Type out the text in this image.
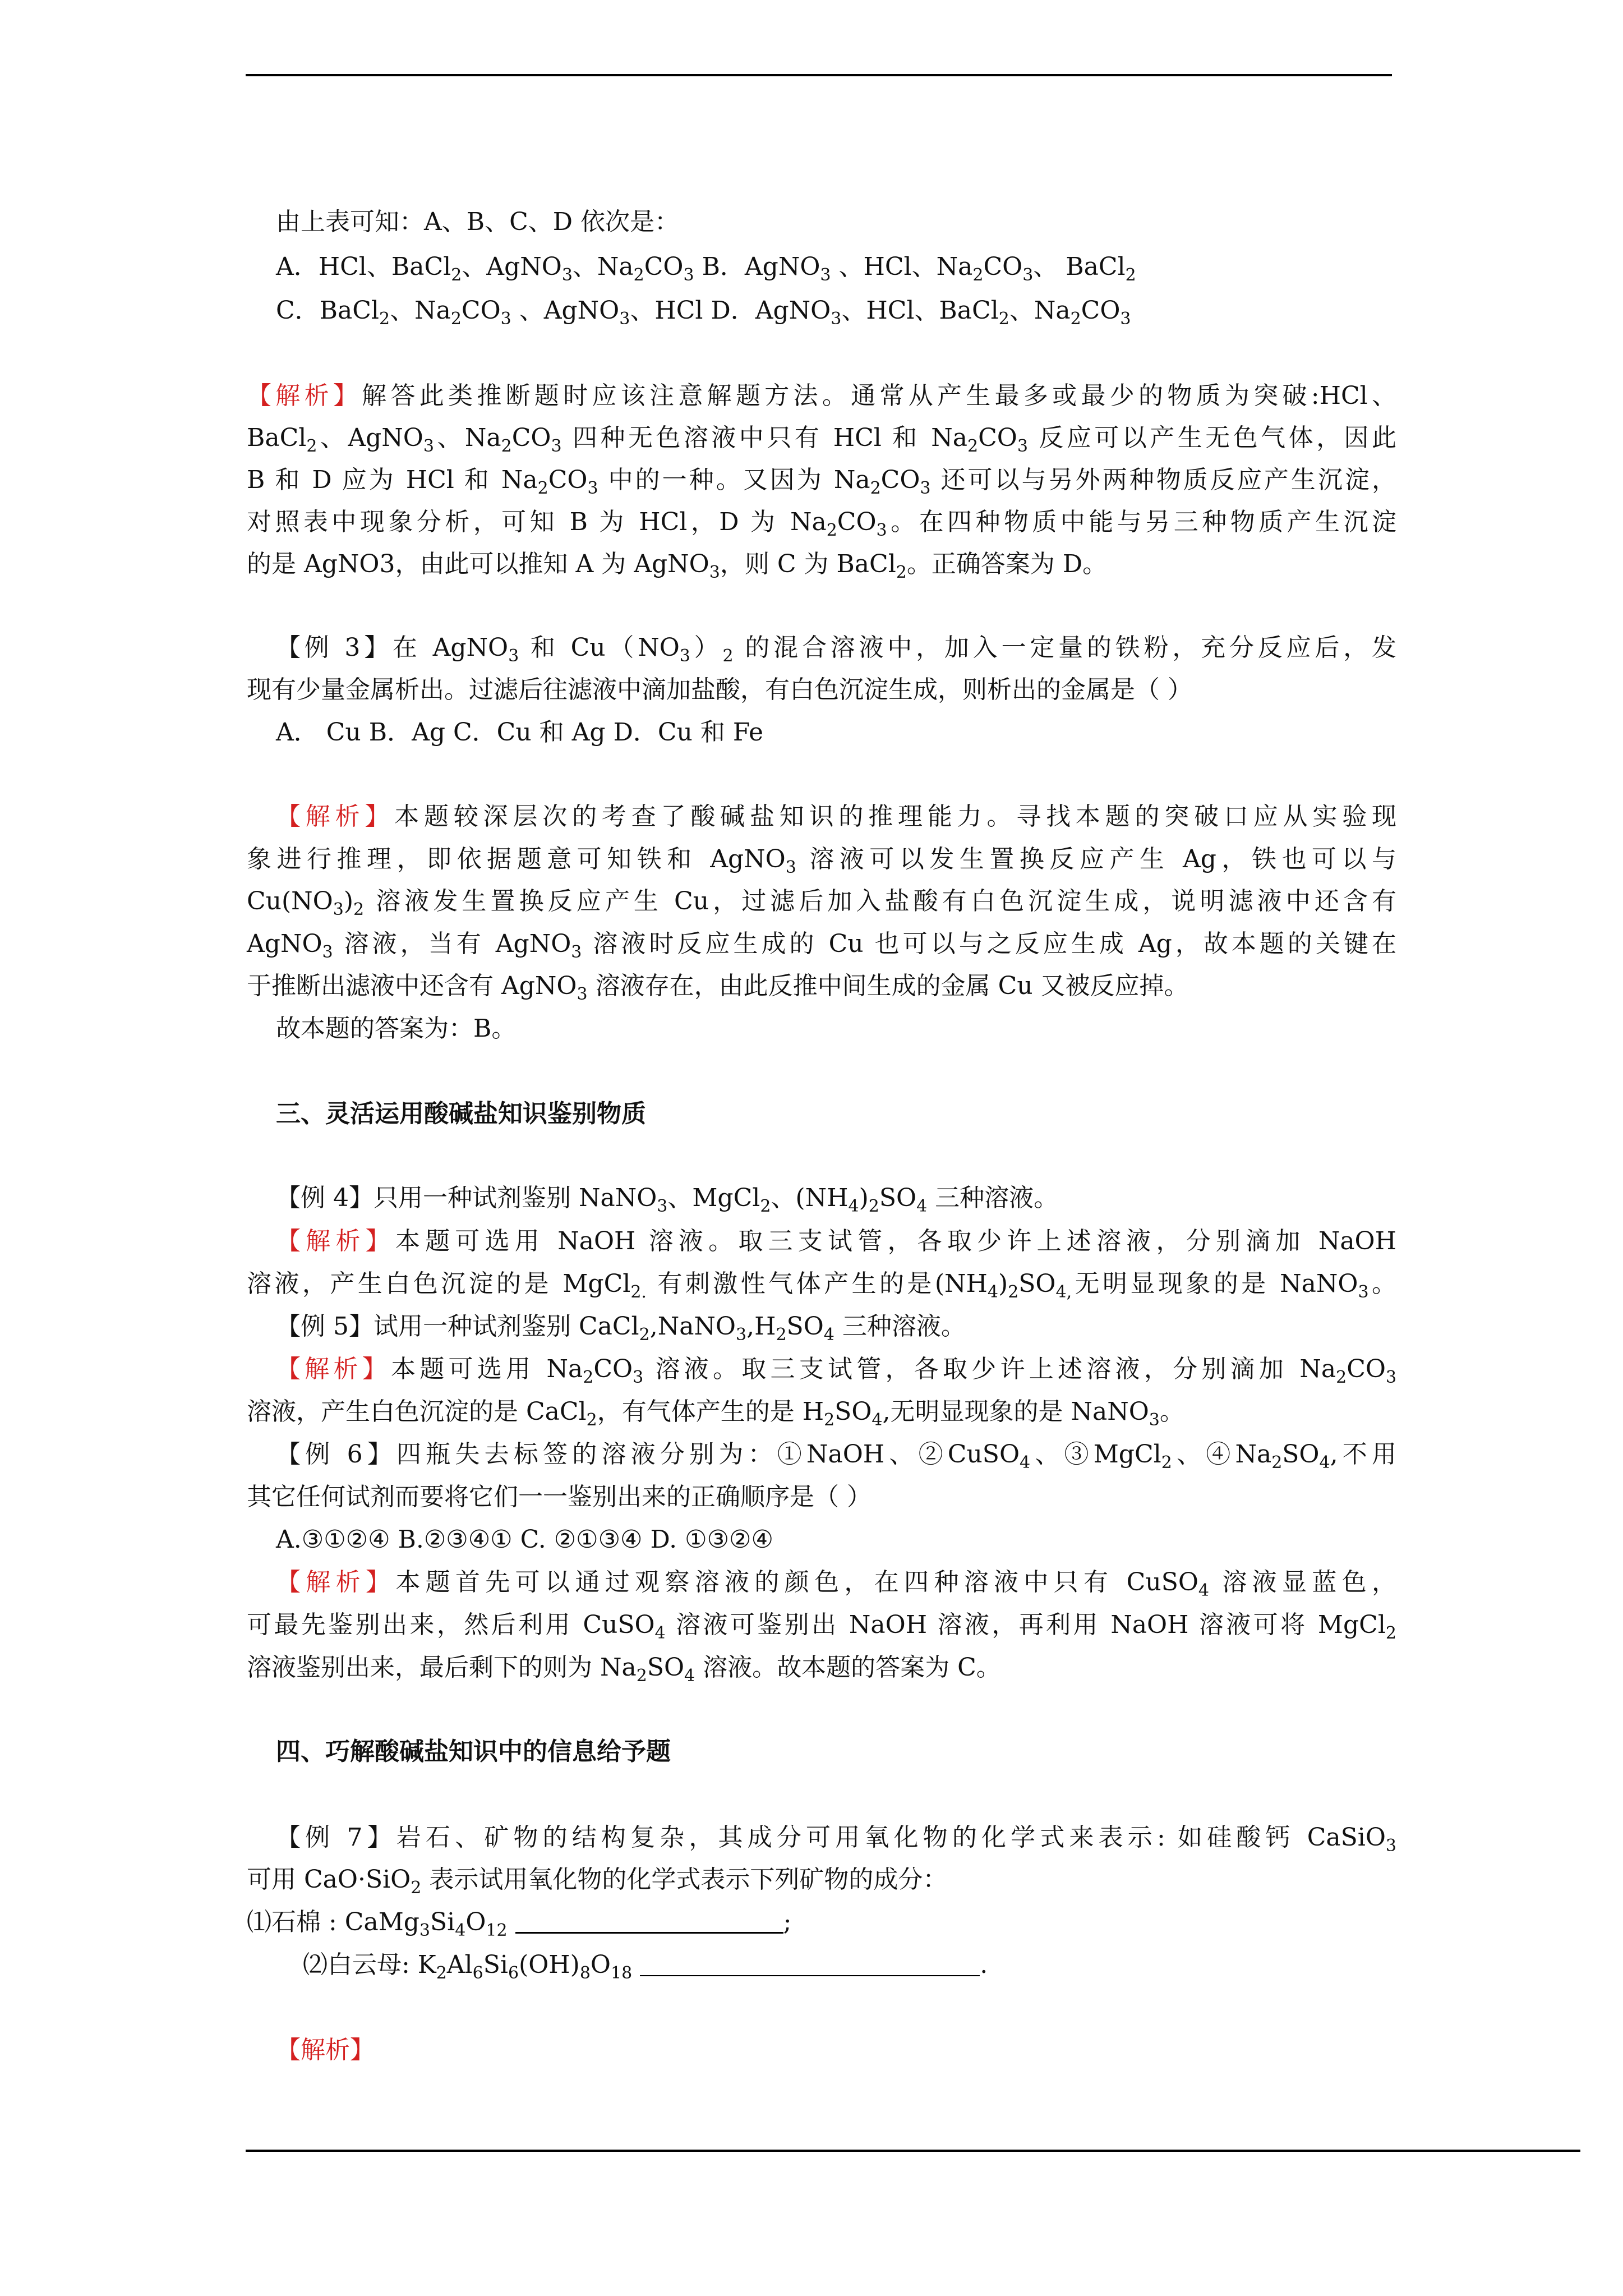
由上表可知：A、B、C、D 依次是：
A．HCl、BaCl$_2$、AgNO$_3$、$Na_2CO_3$ B．AgNO$_3$ 、HCl、$Na_2CO_3$、 BaCl$_2$
C．BaCl$_2$、$Na_2CO_3$ 、AgNO$_3$、HCl D．AgNO$_3$、HCl、BaCl$_2$、$Na_2CO_3$
【解析】解答此类推断题时应该注意解题方法。通常从产生最多或最少的物质为突破:HCl、
BaCl$_2$、AgNO$_3$、$Na_2CO_3$ 四种无色溶液中只有 HCl 和 $Na_2CO_3$ 反应可以产生无色气体，因此
B 和 D 应为 HCl 和 $Na_2CO_3$ 中的一种。又因为 $Na_2CO_3$ 还可以与另外两种物质反应产生沉淀，
对照表中现象分析，可知 B 为 HCl，D 为 $Na_2CO_3$。在四种物质中能与另三种物质产生沉淀
的是 AgNO3，由此可以推知 A 为 AgNO$_3$，则 C 为 BaCl$_2$。正确答案为 D。
【例 3】在 AgNO$_3$ 和 $Cu(NO_3)_2$ 的混合溶液中，加入一定量的铁粉，充分反应后，发
现有少量金属析出。过滤后往滤液中滴加盐酸，有白色沉淀生成，则析出的金属是（ ）
A． Cu B．Ag C．Cu 和 Ag D．Cu 和 Fe
【解析】本题较深层次的考查了酸碱盐知识的推理能力。寻找本题的突破口应从实验现
象进行推理，即依据题意可知铁和 AgNO$_3$ 溶液可以发生置换反应产生 Ag，铁也可以与
$Cu(NO_3)_2$ 溶液发生置换反应产生 Cu，过滤后加入盐酸有白色沉淀生成，说明滤液中还含有
AgNO$_3$ 溶液，当有 AgNO$_3$ 溶液时反应生成的 Cu 也可以与之反应生成 Ag，故本题的关键在
于推断出滤液中还含有 AgNO$_3$ 溶液存在，由此反推中间生成的金属 Cu 又被反应掉。
故本题的答案为：B。
三、灵活运用酸碱盐知识鉴别物质
【例 4】只用一种试剂鉴别 NaNO$_3$、MgCl$_2$、$(NH_4)_2SO_4$ 三种溶液。
【解析】本题可选用 NaOH 溶液。取三支试管，各取少许上述溶液，分别滴加 NaOH
溶液，产生白色沉淀的是 MgCl$_{2.}$ 有刺激性气体产生的是$(NH_4)_2SO_{4,}$无明显现象的是 NaNO$_3$。
【例 5】试用一种试剂鉴别 $CaCl_2,NaNO_3,H_2SO_4$ 三种溶液。
【解析】本题可选用 $Na_2CO_3$ 溶液。取三支试管，各取少许上述溶液，分别滴加 $Na_2CO_3$
溶液，产生白色沉淀的是 CaCl$_2$，有气体产生的是 $H_2SO_4$,无明显现象的是 NaNO$_3$。
【例 6】四瓶失去标签的溶液分别为：①NaOH、②CuSO$_4$、③MgCl$_2$、$④Na_2SO_4$,不用
其它任何试剂而要将它们一一鉴别出来的正确顺序是（ ）
A.③①②④ B.②③④① C. ②①③④ D. ①③②④
【解析】本题首先可以通过观察溶液的颜色，在四种溶液中只有 CuSO$_4$ 溶液显蓝色，
可最先鉴别出来，然后利用 CuSO$_4$ 溶液可鉴别出 NaOH 溶液，再利用 NaOH 溶液可将 MgCl$_2$
溶液鉴别出来，最后剩下的则为 $Na_2SO_4$ 溶液。故本题的答案为 C。
四、巧解酸碱盐知识中的信息给予题
【例 7】岩石、矿物的结构复杂，其成分可用氧化物的化学式来表示: 如硅酸钙 CaSiO$_3$
可用 CaO·SiO$_2$ 表示试用氧化物的化学式表示下列矿物的成分：
⑴石棉 : $CaMg_3Si_4O_{12}$	;
⑵白云母: $K_2Al_6Si_6(OH)_8O_{18}$	.
【解析】
